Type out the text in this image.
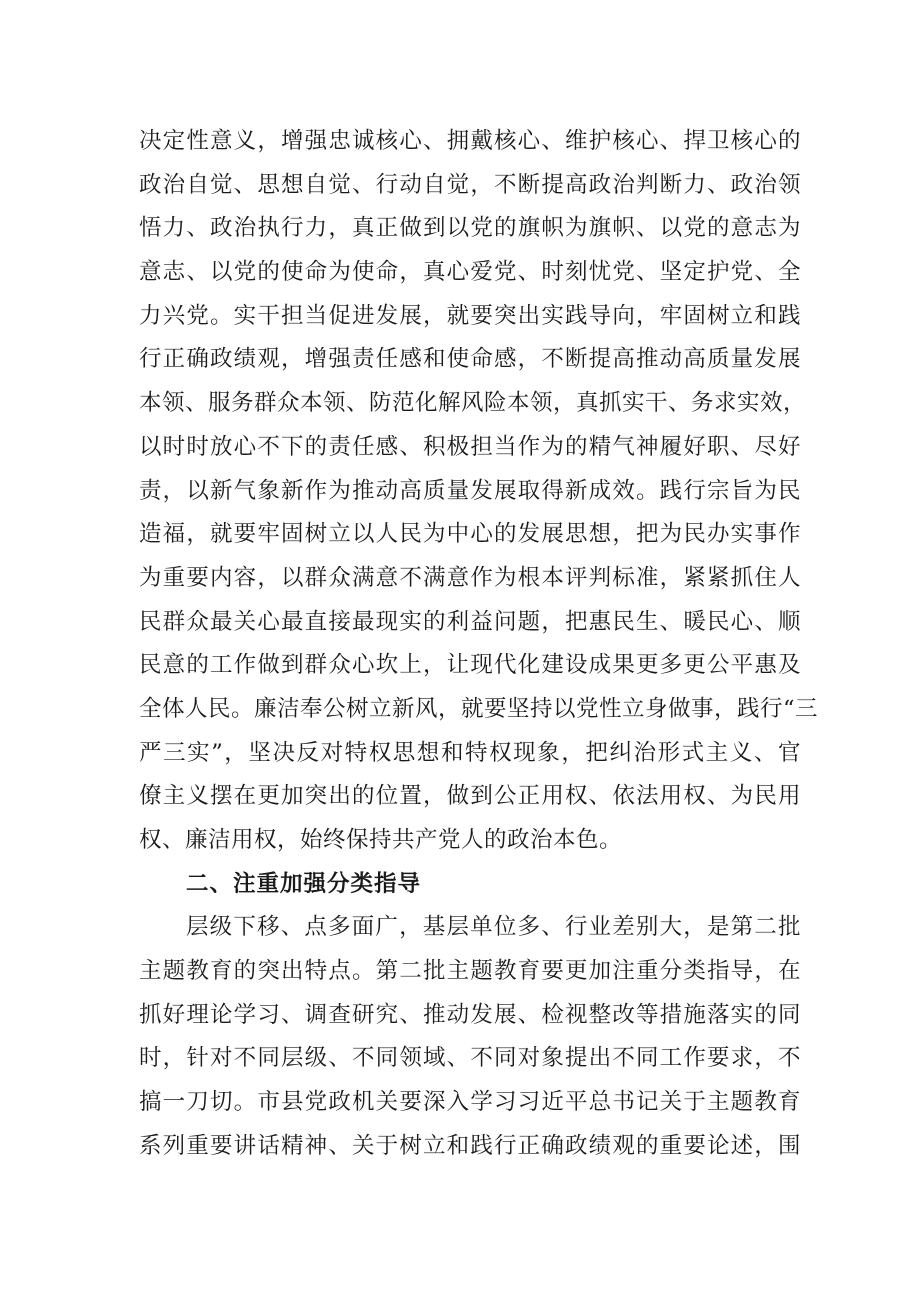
决定性意义，增强忠诚核心、拥戴核心、维护核心、捍卫核心的
政治自觉、思想自觉、行动自觉，不断提高政治判断力、政治领
悟力、政治执行力，真正做到以党的旗帜为旗帜、以党的意志为
意志、以党的使命为使命，真心爱党、时刻忧党、坚定护党、全
力兴党。实干担当促进发展，就要突出实践导向，牢固树立和践
行正确政绩观，增强责任感和使命感，不断提高推动高质量发展
本领、服务群众本领、防范化解风险本领，真抓实干、务求实效，
以时时放心不下的责任感、积极担当作为的精气神履好职、尽好
责，以新气象新作为推动高质量发展取得新成效。践行宗旨为民
造福，就要牢固树立以人民为中心的发展思想，把为民办实事作
为重要内容，以群众满意不满意作为根本评判标准，紧紧抓住人
民群众最关心最直接最现实的利益问题，把惠民生、暖民心、顺
民意的工作做到群众心坎上，让现代化建设成果更多更公平惠及
全体人民。廉洁奉公树立新风，就要坚持以党性立身做事，践行“三
严三实”，坚决反对特权思想和特权现象，把纠治形式主义、官
僚主义摆在更加突出的位置，做到公正用权、依法用权、为民用
权、廉洁用权，始终保持共产党人的政治本色。
二、注重加强分类指导
层级下移、点多面广，基层单位多、行业差别大，是第二批
主题教育的突出特点。第二批主题教育要更加注重分类指导，在
抓好理论学习、调查研究、推动发展、检视整改等措施落实的同
时，针对不同层级、不同领域、不同对象提出不同工作要求，不
搞一刀切。市县党政机关要深入学习习近平总书记关于主题教育
系列重要讲话精神、关于树立和践行正确政绩观的重要论述，围
